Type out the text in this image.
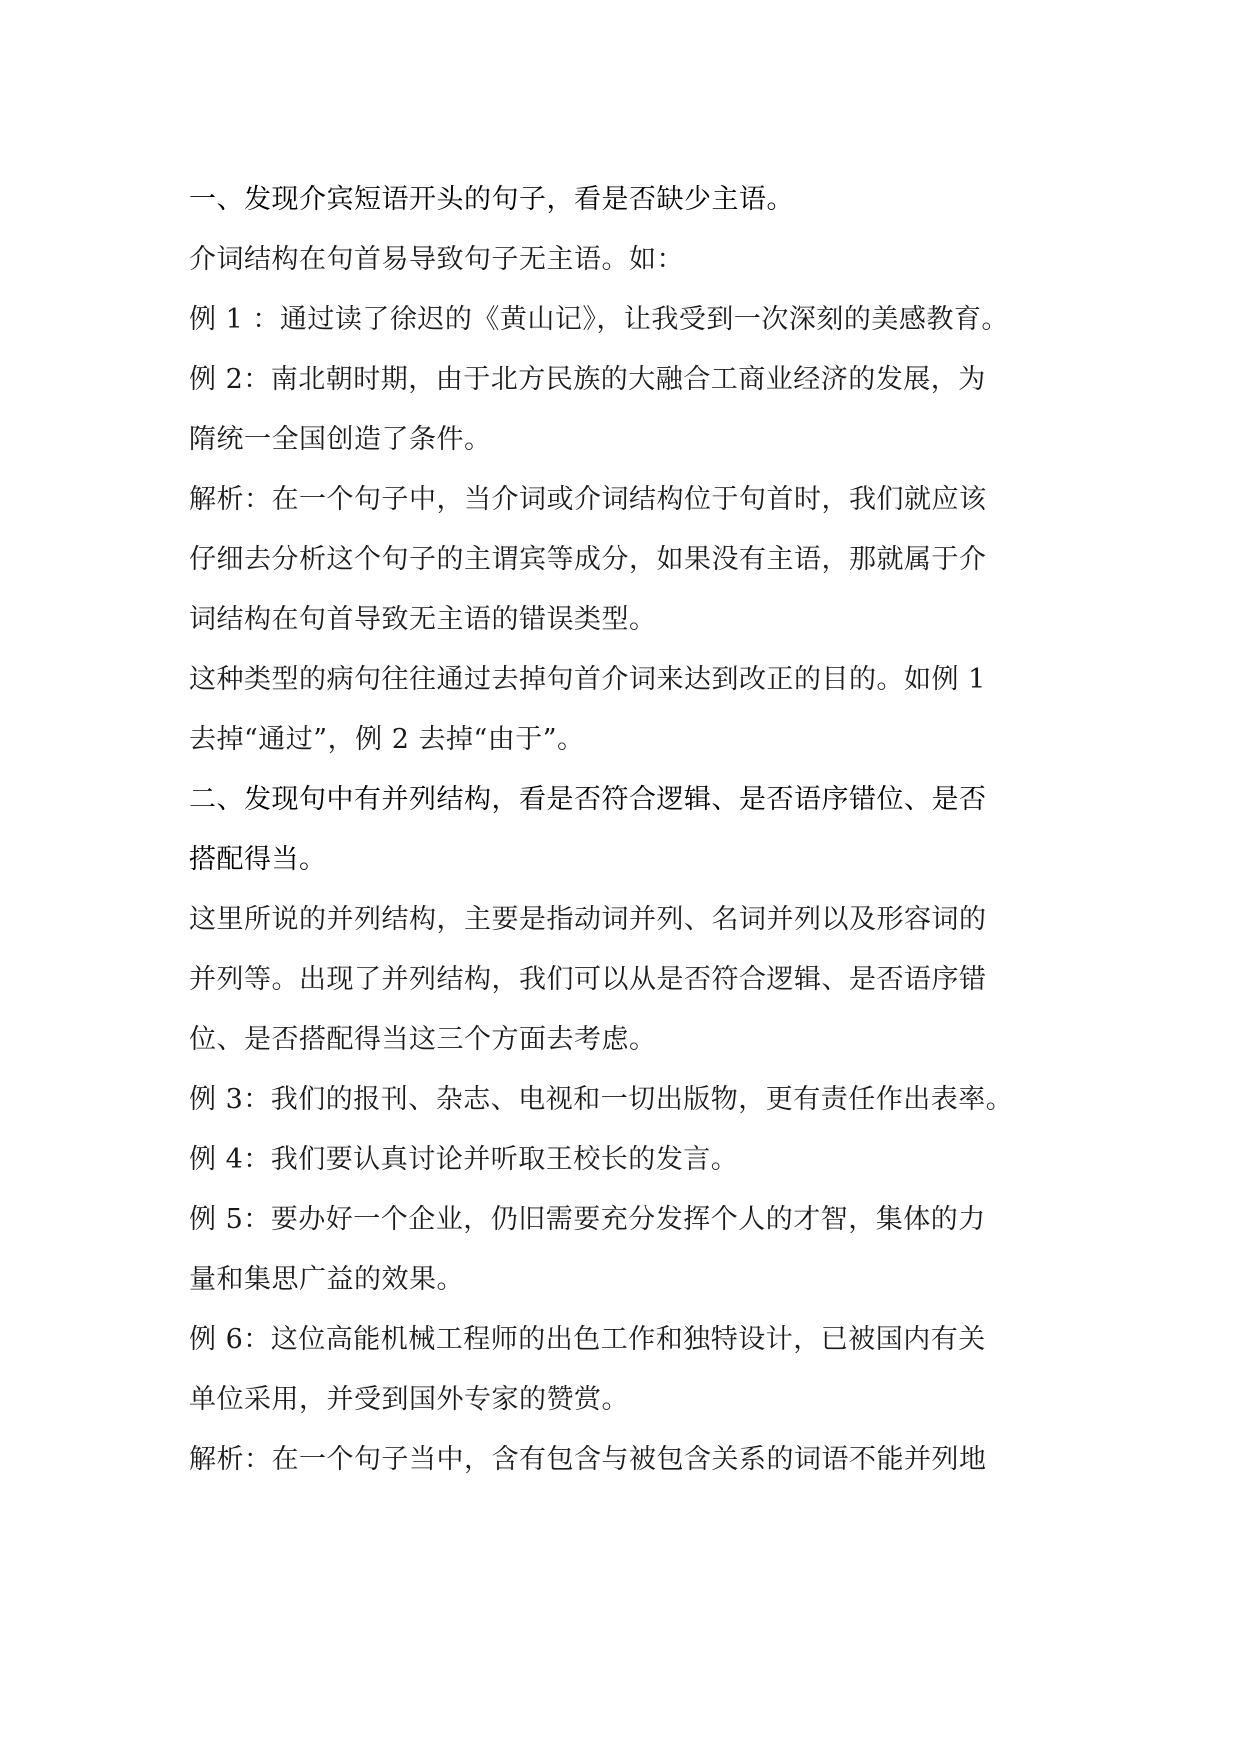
一、发现介宾短语开头的句子，看是否缺少主语。
介词结构在句首易导致句子无主语。如：
例 1 ：通过读了徐迟的《黄山记》，让我受到一次深刻的美感教育。
例 2：南北朝时期，由于北方民族的大融合工商业经济的发展，为
隋统一全国创造了条件。
解析：在一个句子中，当介词或介词结构位于句首时，我们就应该
仔细去分析这个句子的主谓宾等成分，如果没有主语，那就属于介
词结构在句首导致无主语的错误类型。
这种类型的病句往往通过去掉句首介词来达到改正的目的。如例 1
去掉“通过”，例 2 去掉“由于”。
二、发现句中有并列结构，看是否符合逻辑、是否语序错位、是否
搭配得当。
这里所说的并列结构，主要是指动词并列、名词并列以及形容词的
并列等。出现了并列结构，我们可以从是否符合逻辑、是否语序错
位、是否搭配得当这三个方面去考虑。
例 3：我们的报刊、杂志、电视和一切出版物，更有责任作出表率。
例 4：我们要认真讨论并听取王校长的发言。
例 5：要办好一个企业，仍旧需要充分发挥个人的才智，集体的力
量和集思广益的效果。
例 6：这位高能机械工程师的出色工作和独特设计，已被国内有关
单位采用，并受到国外专家的赞赏。
解析：在一个句子当中，含有包含与被包含关系的词语不能并列地
